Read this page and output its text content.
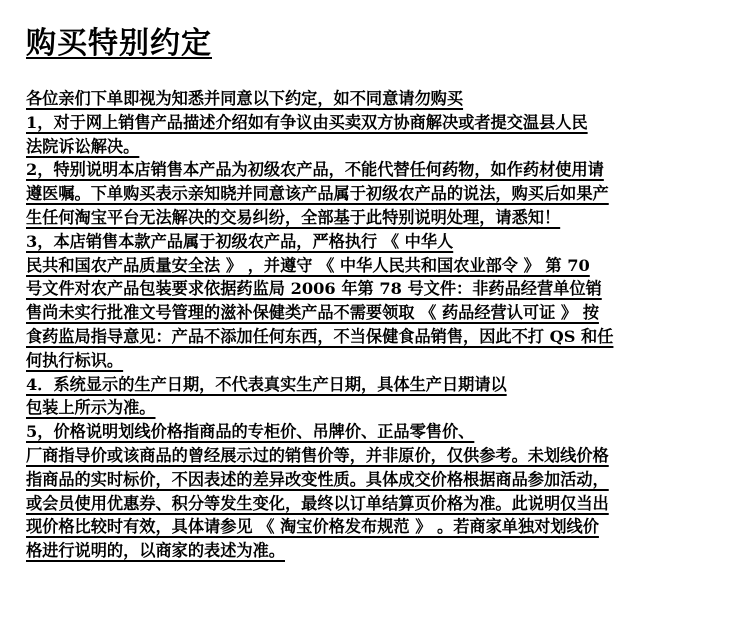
购买特别约定
各位亲们下单即视为知悉并同意以下约定，如不同意请勿购买
1，对于网上销售产品描述介绍如有争议由买卖双方协商解决或者提交温县人民
法院诉讼解决。
2，特别说明本店销售本产品为初级农产品，不能代替任何药物，如作药材使用请
遵医嘱。下单购买表示亲知晓并同意该产品属于初级农产品的说法，购买后如果产
生任何淘宝平台无法解决的交易纠纷，全部基于此特别说明处理，请悉知！
3，本店销售本款产品属于初级农产品，严格执行 《 中华人
民共和国农产品质量安全法 》 ，并遵守 《 中华人民共和国农业部令 》 第 70
号文件对农产品包装要求依据药监局 2006 年第 78 号文件：非药品经营单位销
售尚未实行批准文号管理的滋补保健类产品不需要领取 《 药品经营认可证 》 按
食药监局指导意见：产品不添加任何东西，不当保健食品销售，因此不打 QS 和任
何执行标识。
4．系统显示的生产日期，不代表真实生产日期，具体生产日期请以
包装上所示为准。
5，价格说明划线价格指商品的专柜价、吊牌价、正品零售价、
厂商指导价或该商品的曾经展示过的销售价等，并非原价，仅供参考。未划线价格
指商品的实时标价，不因表述的差异改变性质。具体成交价格根据商品参加活动，
或会员使用优惠券、积分等发生变化，最终以订单结算页价格为准。此说明仅当出
现价格比较时有效，具体请参见 《 淘宝价格发布规范 》 。若商家单独对划线价
格进行说明的，以商家的表述为准。
